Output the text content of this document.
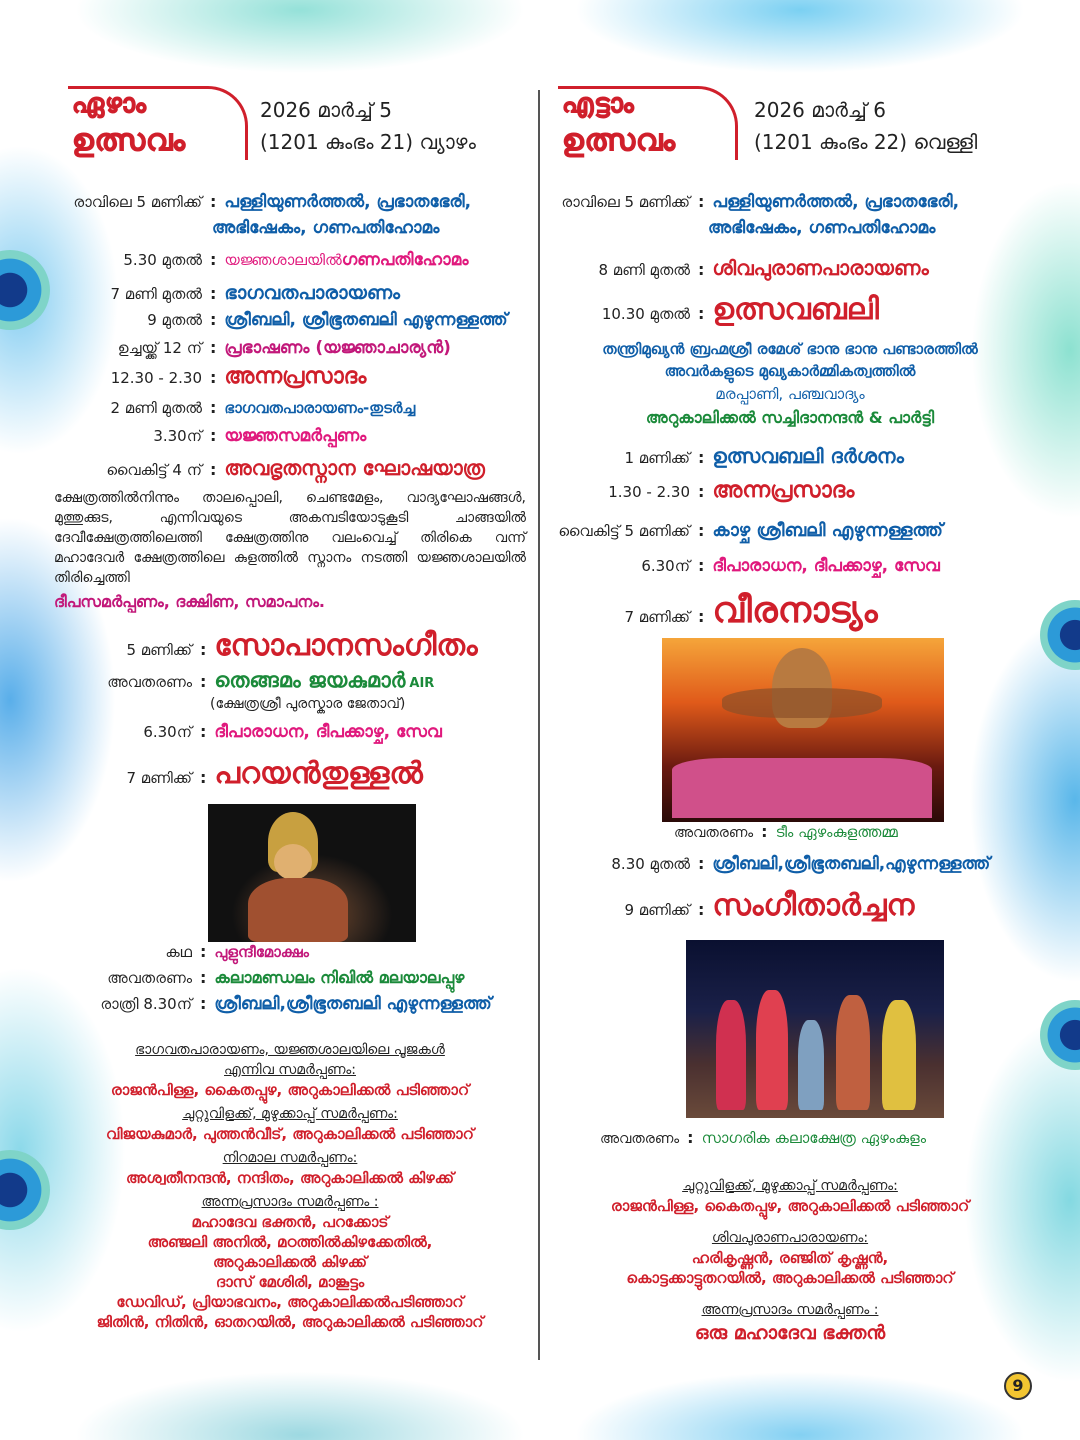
ഏഴാം
ഉത്സവം
2026 മാർച്ച് 5
(1201 കുംഭം 21) വ്യാഴം
രാവിലെ 5 മണിക്ക് : പള്ളിയുണർത്തൽ, പ്രഭാതഭേരി,
അഭിഷേകം, ഗണപതിഹോമം
5.30 മുതൽ : യജ്ഞശാലയിൽ ഗണപതിഹോമം
7 മണി മുതൽ : ഭാഗവതപാരായണം
9 മുതൽ : ശ്രീബലി, ശ്രീഭൂതബലി എഴുന്നള്ളത്ത്
ഉച്ചയ്ക്ക് 12 ന് : പ്രഭാഷണം (യജ്ഞാചാര്യൻ)
12.30 - 2.30 : അന്നപ്രസാദം
2 മണി മുതൽ : ഭാഗവതപാരായണം-തുടർച്ച
3.30ന് : യജ്ഞസമർപ്പണം
വൈകിട്ട് 4 ന് : അവഭൃതസ്നാന ഘോഷയാത്ര
ക്ഷേത്രത്തിൽനിന്നും താലപ്പൊലി, ചെണ്ടമേളം, വാദ്യഘോഷങ്ങൾ, മുത്തുക്കുട, എന്നിവയുടെ അകമ്പടിയോടുകൂടി ചാങ്ങയിൽ ദേവീക്ഷേത്രത്തിലെത്തി ക്ഷേത്രത്തിനു വലംവെച്ച് തിരികെ വന്ന് മഹാദേവർ ക്ഷേത്രത്തിലെ കുളത്തിൽ സ്നാനം നടത്തി യജ്ഞശാലയിൽ തിരിച്ചെത്തി
ദീപസമർപ്പണം, ദക്ഷിണ, സമാപനം.
5 മണിക്ക് : സോപാനസംഗീതം
അവതരണം : തെങ്ങമം ജയകുമാർ AIR
(ക്ഷേത്രശ്രീ പുരസ്കാര ജേതാവ്)
6.30ന് : ദീപാരാധന, ദീപക്കാഴ്ച, സേവ
7 മണിക്ക് : പറയൻതുള്ളൽ
കഥ : പുളുന്ദീമോക്ഷം
അവതരണം : കലാമണ്ഡലം നിഖിൽ മലയാലപ്പുഴ
രാത്രി 8.30ന് : ശ്രീബലി,ശ്രീഭൂതബലി എഴുന്നള്ളത്ത്
ഭാഗവതപാരായണം, യജ്ഞശാലയിലെ പൂജകൾ
എന്നിവ സമർപ്പണം:
രാജൻപിള്ള, കൈതപ്പുഴ, അറുകാലിക്കൽ പടിഞ്ഞാറ്
ചുറ്റുവിളക്ക്, മുഴുക്കാപ്പ് സമർപ്പണം:
വിജയകുമാർ, പുത്തൻവീട്, അറുകാലിക്കൽ പടിഞ്ഞാറ്
നിറമാല സമർപ്പണം:
അശ്വതീനന്ദൻ, നന്ദിതം, അറുകാലിക്കൽ കിഴക്ക്
അന്നപ്രസാദം സമർപ്പണം :
മഹാദേവ ഭക്തൻ, പറക്കോട്
അഞ്ജലി അനിൽ, മഠത്തിൽകിഴക്കേതിൽ,
അറുകാലിക്കൽ കിഴക്ക്
ദാസ് മേശിരി, മാങ്കൂട്ടം
ഡേവിഡ്, പ്രിയാഭവനം, അറുകാലിക്കൽപടിഞ്ഞാറ്
ജിതിൻ, നിതിൻ, ഓതറയിൽ, അറുകാലിക്കൽ പടിഞ്ഞാറ്
എട്ടാം
ഉത്സവം
2026 മാർച്ച് 6
(1201 കുംഭം 22) വെള്ളി
രാവിലെ 5 മണിക്ക് : പള്ളിയുണർത്തൽ, പ്രഭാതഭേരി,
അഭിഷേകം, ഗണപതിഹോമം
8 മണി മുതൽ : ശിവപുരാണപാരായണം
10.30 മുതൽ : ഉത്സവബലി
തന്ത്രിമുഖ്യൻ ബ്രഹ്മശ്രീ രമേശ് ഭാനു ഭാനു പണ്ടാരത്തിൽ
അവർകളുടെ മുഖ്യകാർമ്മികത്വത്തിൽ
മരപ്പാണി, പഞ്ചവാദ്യം
അറുകാലിക്കൽ സച്ചിദാനന്ദൻ & പാർട്ടി
1 മണിക്ക് : ഉത്സവബലി ദർശനം
1.30 - 2.30 : അന്നപ്രസാദം
വൈകിട്ട് 5 മണിക്ക് : കാഴ്ച ശ്രീബലി എഴുന്നള്ളത്ത്
6.30ന് : ദീപാരാധന, ദീപക്കാഴ്ച, സേവ
7 മണിക്ക് : വീരനാട്യം
അവതരണം : ടീം ഏഴംകുളത്തമ്മ
8.30 മുതൽ : ശ്രീബലി,ശ്രീഭൂതബലി,എഴുന്നള്ളത്ത്
9 മണിക്ക് : സംഗീതാർച്ചന
അവതരണം : സാഗരിക കലാക്ഷേത്ര ഏഴംകുളം
ചുറ്റുവിളക്ക്, മുഴുക്കാപ്പ് സമർപ്പണം:
രാജൻപിള്ള, കൈതപ്പുഴ, അറുകാലിക്കൽ പടിഞ്ഞാറ്
ശിവപുരാണപാരായണം:
ഹരികൃഷ്ണൻ, രഞ്ജിത് കൃഷ്ണൻ,
കൊട്ടക്കാട്ടുതറയിൽ, അറുകാലിക്കൽ പടിഞ്ഞാറ്
അന്നപ്രസാദം സമർപ്പണം :
ഒരു മഹാദേവ ഭക്തൻ
9
